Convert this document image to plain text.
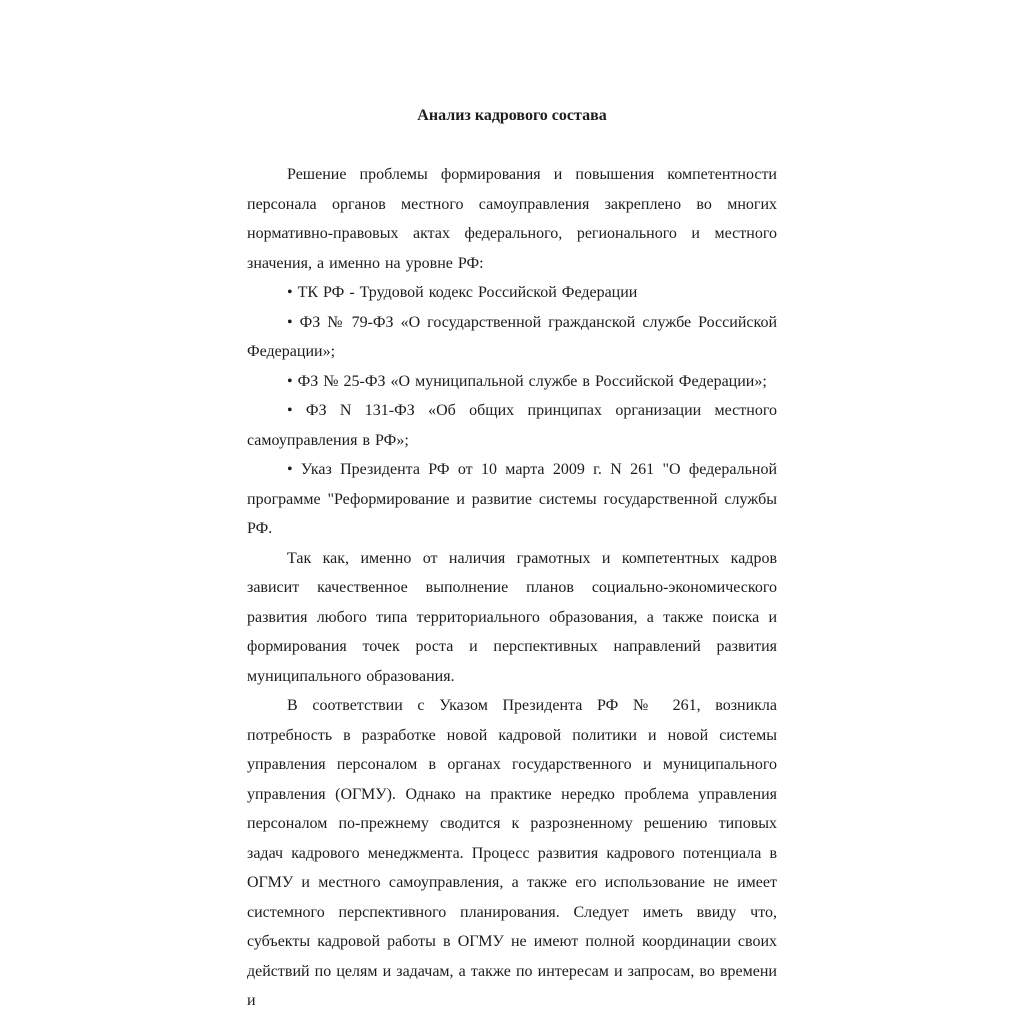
Анализ кадрового состава

Решение проблемы формирования и повышения компетентности персонала органов местного самоуправления закреплено во многих нормативно-правовых актах федерального, регионального и местного значения, а именно на уровне РФ:

• ТК РФ - Трудовой кодекс Российской Федерации

• ФЗ № 79-ФЗ «О государственной гражданской службе Российской Федерации»;

• ФЗ № 25-ФЗ «О муниципальной службе в Российской Федерации»;

• ФЗ N 131-ФЗ «Об общих принципах организации местного самоуправления в РФ»;

• Указ Президента РФ от 10 марта 2009 г. N 261 "О федеральной программе "Реформирование и развитие системы государственной службы РФ.

Так как, именно от наличия грамотных и компетентных кадров зависит качественное выполнение планов социально-экономического развития любого типа территориального образования, а также поиска и формирования точек роста и перспективных направлений развития муниципального образования.

В соответствии с Указом Президента РФ № 261, возникла потребность в разработке новой кадровой политики и новой системы управления персоналом в органах государственного и муниципального управления (ОГМУ). Однако на практике нередко проблема управления персоналом по-прежнему сводится к разрозненному решению типовых задач кадрового менеджмента. Процесс развития кадрового потенциала в ОГМУ и местного самоуправления, а также его использование не имеет системного перспективного планирования. Следует иметь ввиду что, субъекты кадровой работы в ОГМУ не имеют полной координации своих действий по целям и задачам, а также по интересам и запросам, во времени и
